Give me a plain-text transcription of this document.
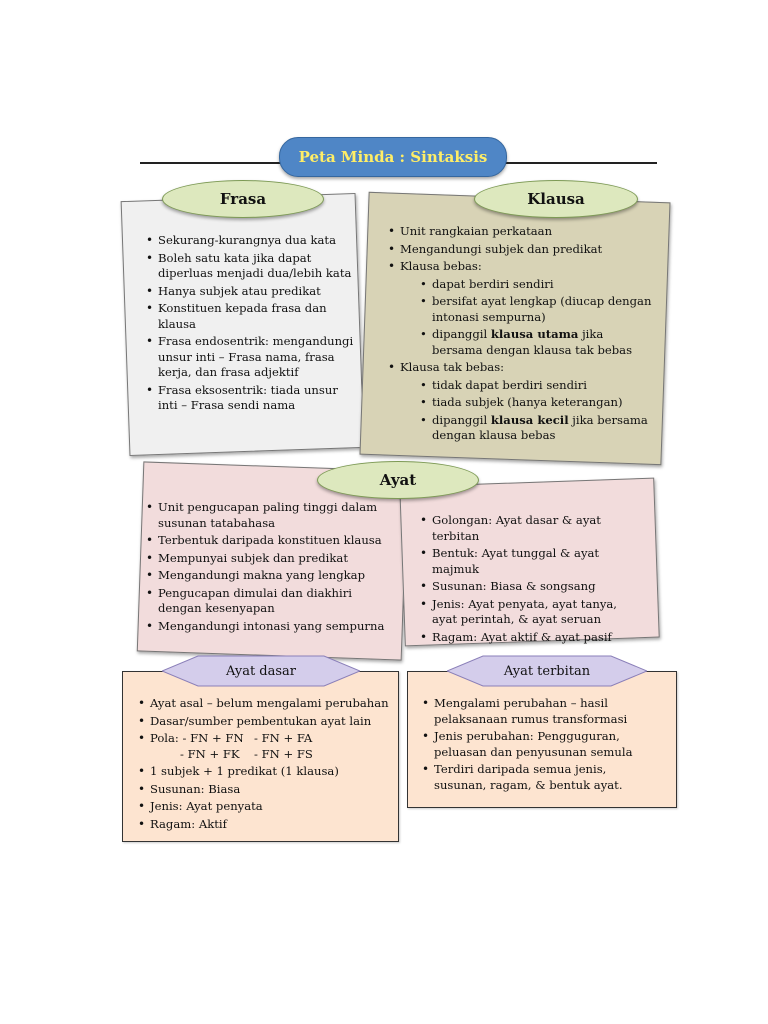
Peta Minda : Sintaksis
• Sekurang-kurangnya dua kata
• Boleh satu kata jika dapat diperluas menjadi dua/lebih kata
• Hanya subjek atau predikat
• Konstituen kepada frasa dan klausa
• Frasa endosentrik: mengandungi unsur inti – Frasa nama, frasa kerja, dan frasa adjektif
• Frasa eksosentrik: tiada unsur inti – Frasa sendi nama
Frasa
• Unit rangkaian perkataan
• Mengandungi subjek dan predikat
• Klausa bebas:
• dapat berdiri sendiri
• bersifat ayat lengkap (diucap dengan intonasi sempurna)
• dipanggil klausa utama jika bersama dengan klausa tak bebas
• Klausa tak bebas:
• tidak dapat berdiri sendiri
• tiada subjek (hanya keterangan)
• dipanggil klausa kecil jika bersama dengan klausa bebas
Klausa
• Unit pengucapan paling tinggi dalam susunan tatabahasa
• Terbentuk daripada konstituen klausa
• Mempunyai subjek dan predikat
• Mengandungi makna yang lengkap
• Pengucapan dimulai dan diakhiri dengan kesenyapan
• Mengandungi intonasi yang sempurna
• Golongan: Ayat dasar & ayat terbitan
• Bentuk: Ayat tunggal & ayat majmuk
• Susunan: Biasa & songsang
• Jenis: Ayat penyata, ayat tanya, ayat perintah, & ayat seruan
• Ragam: Ayat aktif & ayat pasif
Ayat
• Ayat asal – belum mengalami perubahan
• Dasar/sumber pembentukan ayat lain
• Pola: - FN + FN - FN + FA
- FN + FK	- FN + FS
• 1 subjek + 1 predikat (1 klausa)
• Susunan: Biasa
• Jenis: Ayat penyata
• Ragam: Aktif
Ayat dasar
• Mengalami perubahan – hasil pelaksanaan rumus transformasi
• Jenis perubahan: Pengguguran, peluasan dan penyusunan semula
• Terdiri daripada semua jenis, susunan, ragam, & bentuk ayat.
Ayat terbitan
